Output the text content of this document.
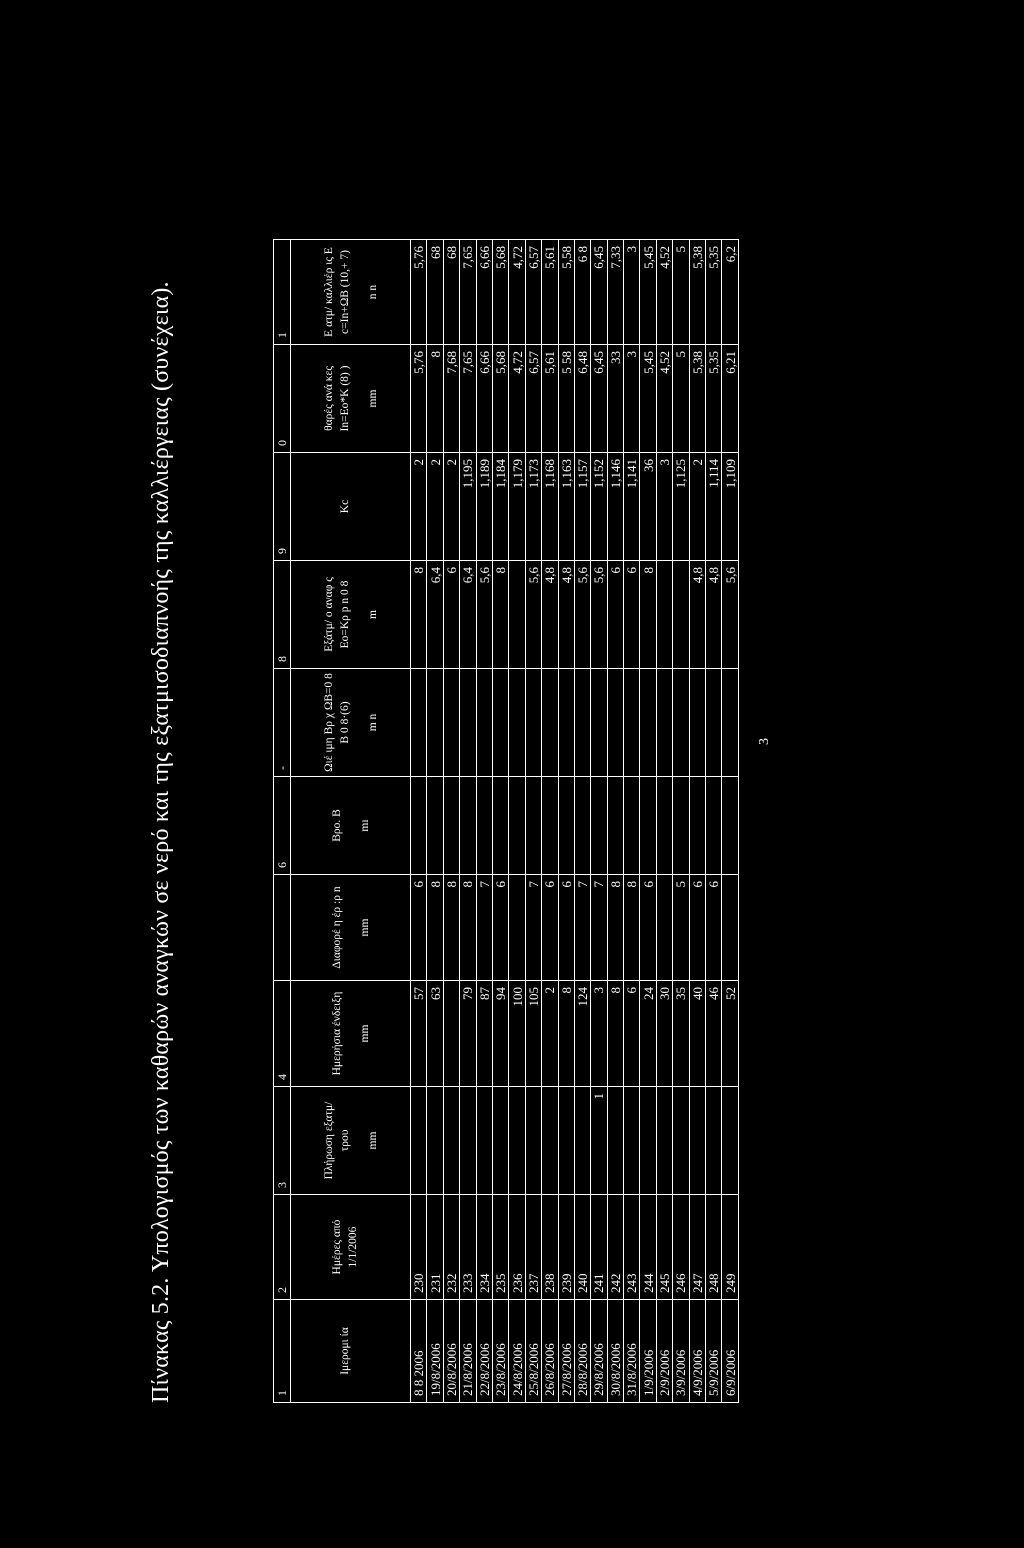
Πίνακας 5.2. Υπολογισμός των καθαρών αναγκών σε νερό και της εξατμισοδιαπνοής της καλλιέργειας (συνέχεια).
1	2	3	4		6	-	8	9	0	1
Ιμερομι ία	Ημέρες από 1/1/2006	Πλήρωση εξατμ/τρου mm	Ημερήσια ένδειξη mm	Διαφορέ η έρ :ρ n mm	Βρο. Β mı	Ωιέ ιμη Βρ χ ΩΒ=0 8 Β 0 8·(6) m n	Εξάτμ/ ο αναφ ς Εο=Κρ p n 0 8 m	Kc	θαρές ανά κες In=Eo*K (8) ) mm	Ε ατμ/ καλλιέρ ις Ε c=In+ΩΒ (10,+ 7) n n

8 8 2006	230		57	6			8	2	5,76	5,76
19/8/2006	231		63	8			6,4	2	8	68
20/8/2006	232			8			6	2	7,68	68
21/8/2006	233		79	8			6,4	1,195	7,65	7,65
22/8/2006	234		87	7			5,6	1,189	6,66	6,66
23/8/2006	235		94	6			8	1,184	5,68	5,68
24/8/2006	236		100					1,179	4,72	4,72
25/8/2006	237		105	7			5,6	1,173	6,57	6,57
26/8/2006	238		2	6			4,8	1,168	5,61	5,61
27/8/2006	239		8	6			4,8	1,163	5 58	5,58
28/8/2006	240		124	7			5,6	1,157	6,48	6 8
29/8/2006	241	1	3	7			5,6	1,152	6,45	6,45
30/8/2006	242		8	8			6	1,146	33	7,33
31/8/2006	243		6	8			6	1,141	3	3
1/9/2006	244		24	6			8	36	5,45	5,45
2/9/2006	245		30					3	4,52	4,52
3/9/2006	246		35	5				1,125	5	5
4/9/2006	247		40	6			4,8	2	5,38	5,38
5/9/2006	248		46	6			4,8	1,114	5,35	5,35
6/9/2006	249		52				5,6	1,109	6,21	6,2
3
